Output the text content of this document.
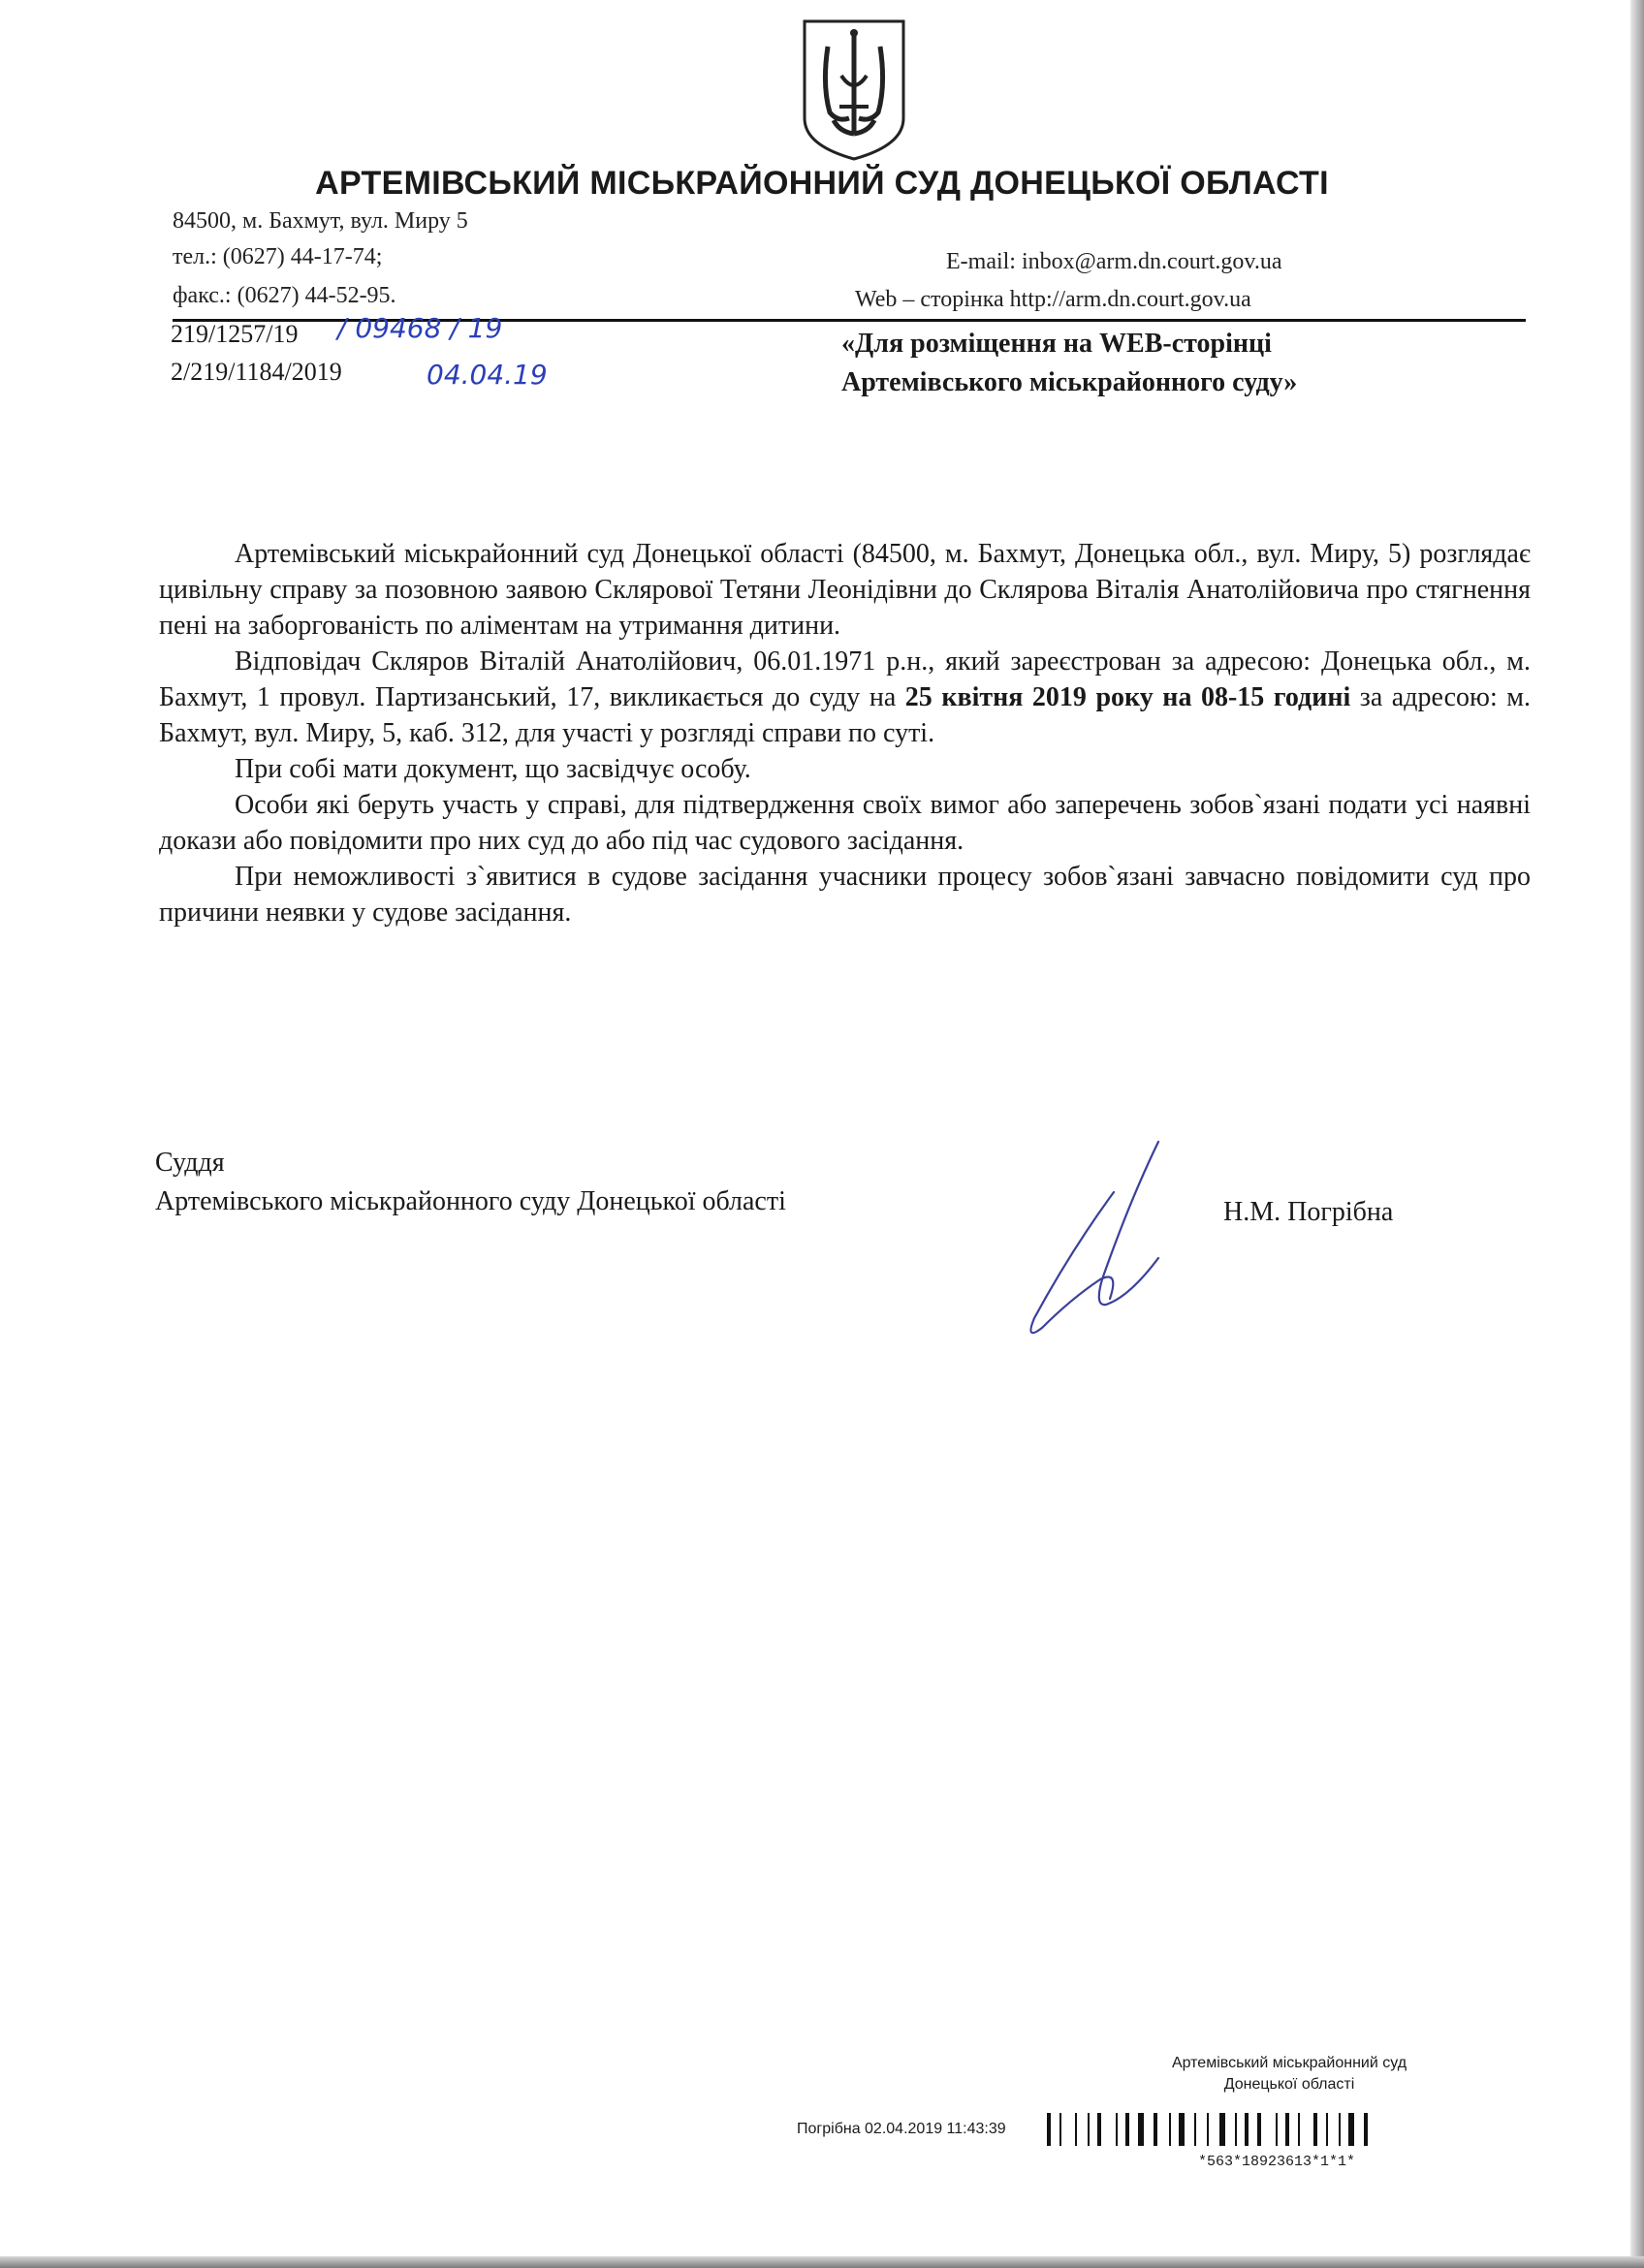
АРТЕМІВСЬКИЙ МІСЬКРАЙОННИЙ СУД ДОНЕЦЬКОЇ ОБЛАСТІ
84500, м. Бахмут, вул. Миру 5
тел.: (0627) 44-17-74;
факс.: (0627) 44-52-95.
E-mail: inbox@arm.dn.court.gov.ua
Web – сторінка http://arm.dn.court.gov.ua
219/1257/19
2/219/1184/2019
/ 09468 / 19
04.04.19
«Для розміщення на WEB-сторінці
Артемівського міськрайонного суду»

Артемівський міськрайонний суд Донецької області (84500, м. Бахмут, Донецька обл., вул. Миру, 5) розглядає цивільну справу за позовною заявою Склярової Тетяни Леонідівни до Склярова Віталія Анатолійовича про стягнення пені на заборгованість по аліментам на утримання дитини.

Відповідач Скляров Віталій Анатолійович, 06.01.1971 р.н., який зареєстрован за адресою: Донецька обл., м. Бахмут, 1 провул. Партизанський, 17, викликається до суду на 25 квітня 2019 року на 08-15 годині за адресою: м. Бахмут, вул. Миру, 5, каб. 312, для участі у розгляді справи по суті.

При собі мати документ, що засвідчує особу.

Особи які беруть участь у справі, для підтвердження своїх вимог або заперечень зобов`язані подати усі наявні докази або повідомити про них суд до або під час судового засідання.

При неможливості з`явитися в судове засідання учасники процесу зобов`язані завчасно повідомити суд про причини неявки у судове засідання.

Суддя
Артемівського міськрайонного суду Донецької області	Н.М. Погрібна
Артемівський міськрайонний суд
Донецької області
Погрібна 02.04.2019 11:43:39
*563*18923613*1*1*
